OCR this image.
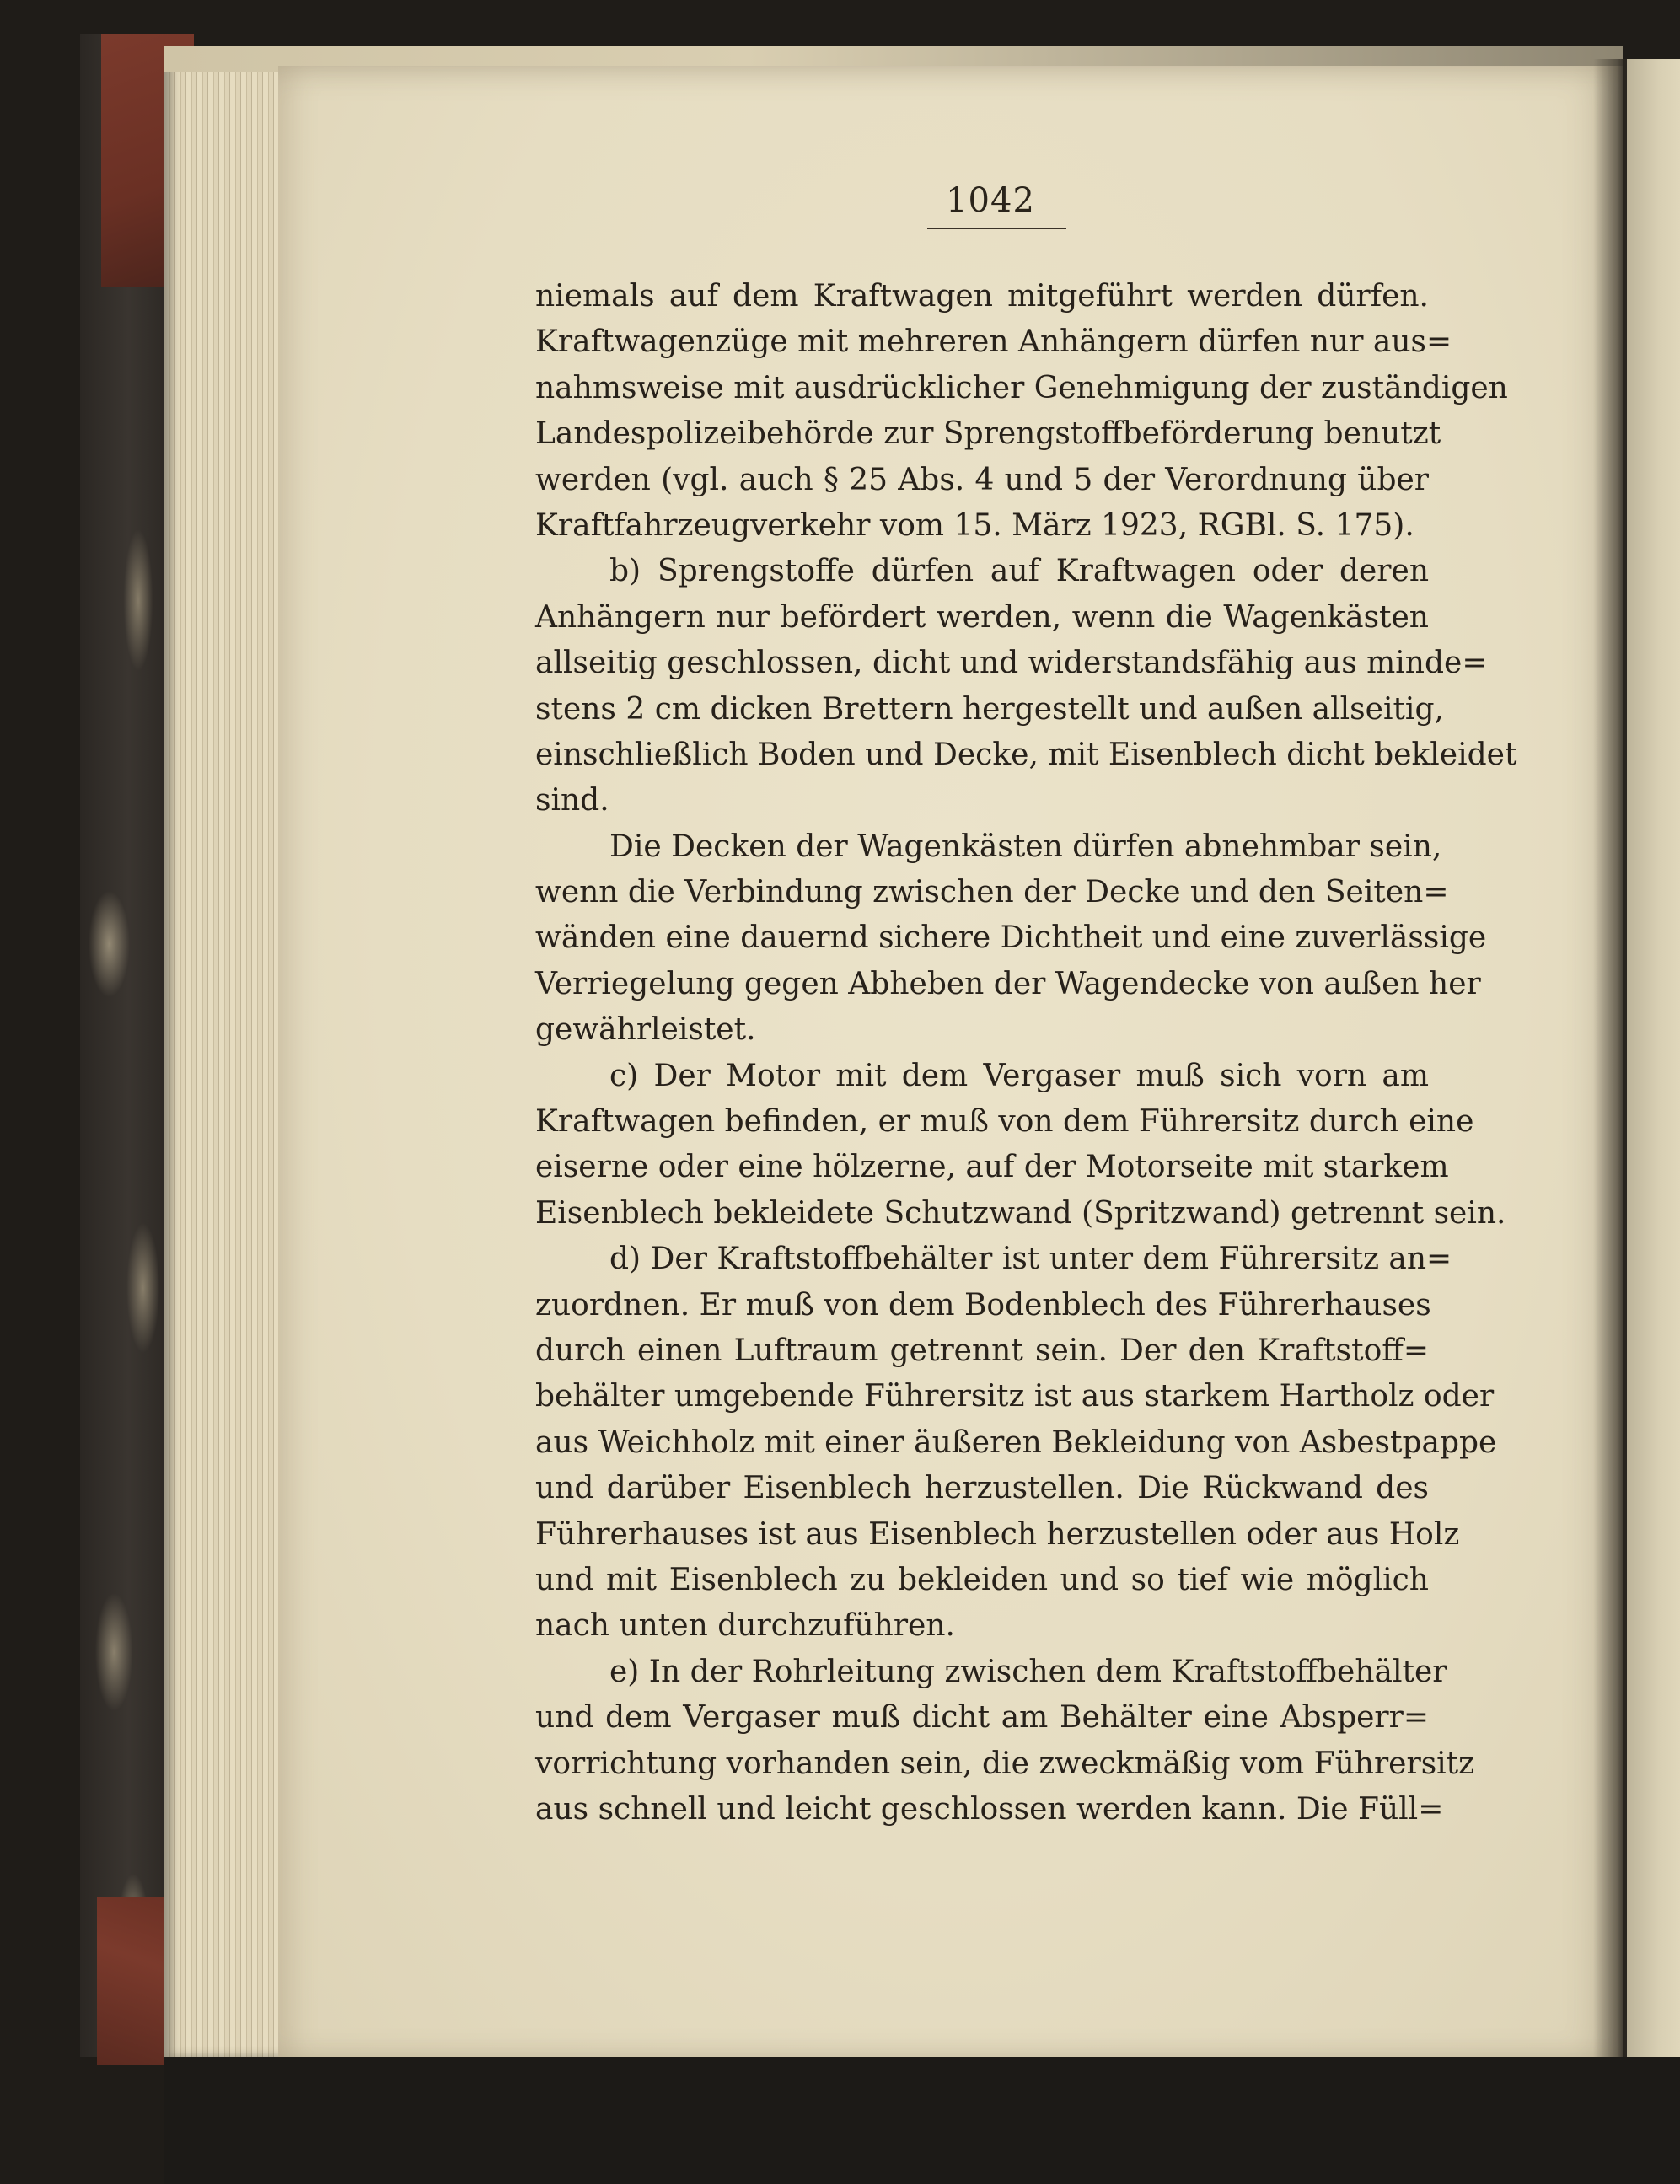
1042
niemals auf dem Kraftwagen mitgeführt werden dürfen.
Kraftwagenzüge mit mehreren Anhängern dürfen nur aus=
nahmsweise mit ausdrücklicher Genehmigung der zuständigen
Landespolizeibehörde zur Sprengstoffbeförderung benutzt
werden (vgl. auch § 25 Abs. 4 und 5 der Verordnung über
Kraftfahrzeugverkehr vom 15. März 1923, RGBl. S. 175).
b) Sprengstoffe dürfen auf Kraftwagen oder deren
Anhängern nur befördert werden, wenn die Wagenkästen
allseitig geschlossen, dicht und widerstandsfähig aus minde=
stens 2 cm dicken Brettern hergestellt und außen allseitig,
einschließlich Boden und Decke, mit Eisenblech dicht bekleidet
sind.
Die Decken der Wagenkästen dürfen abnehmbar sein,
wenn die Verbindung zwischen der Decke und den Seiten=
wänden eine dauernd sichere Dichtheit und eine zuverlässige
Verriegelung gegen Abheben der Wagendecke von außen her
gewährleistet.
c) Der Motor mit dem Vergaser muß sich vorn am
Kraftwagen befinden, er muß von dem Führersitz durch eine
eiserne oder eine hölzerne, auf der Motorseite mit starkem
Eisenblech bekleidete Schutzwand (Spritzwand) getrennt sein.
d) Der Kraftstoffbehälter ist unter dem Führersitz an=
zuordnen. Er muß von dem Bodenblech des Führerhauses
durch einen Luftraum getrennt sein. Der den Kraftstoff=
behälter umgebende Führersitz ist aus starkem Hartholz oder
aus Weichholz mit einer äußeren Bekleidung von Asbestpappe
und darüber Eisenblech herzustellen. Die Rückwand des
Führerhauses ist aus Eisenblech herzustellen oder aus Holz
und mit Eisenblech zu bekleiden und so tief wie möglich
nach unten durchzuführen.
e) In der Rohrleitung zwischen dem Kraftstoffbehälter
und dem Vergaser muß dicht am Behälter eine Absperr=
vorrichtung vorhanden sein, die zweckmäßig vom Führersitz
aus schnell und leicht geschlossen werden kann. Die Füll=
